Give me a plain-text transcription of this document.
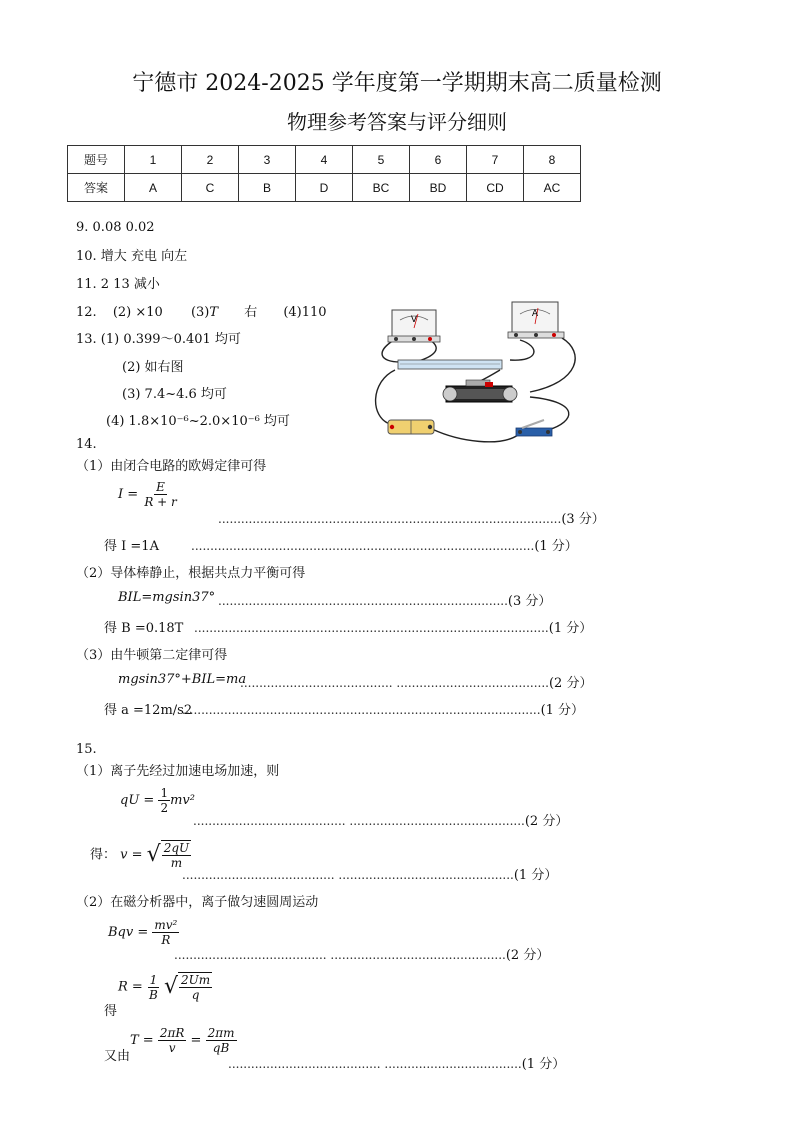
宁德市 2024-2025 学年度第一学期期末高二质量检测
物理参考答案与评分细则
题号	1	2	3	4	5	6	7	8
答案	A	C	B	D	BC	BD	CD	AC
9. 0.08 0.02
10. 增大 充电 向左
11. 2 13 减小
12. (2) ×10 (3)T 右 (4)110
13. (1) 0.399～0.401 均可
(2) 如右图
(3) 7.4~4.6 均可
(4) 1.8×10⁻⁶~2.0×10⁻⁶ 均可
V
A
14.
（1）由闭合电路的欧姆定律可得
$I = \frac{E}{R + r}$
..........................................................................................(3 分）
得 I =1A	..........................................................................................(1 分）
（2）导体棒静止，根据共点力平衡可得
BIL=mgsin37° ............................................................................(3 分）
得 B =0.18T .............................................................................................(1 分）
（3）由牛顿第二定律可得
mgsin37°+BIL=ma
........................................ ........................................(2 分）
得 a =12m/s2
..............................................................................................(1 分）
15.
（1）离子先经过加速电场加速，则
qU = $\frac{1}{2} mv^2$
........................................ ..............................................(2 分）
得： v = √ $\frac{2qU}{m}$
........................................ ..............................................(1 分）
（2）在磁分析器中，离子做匀速圆周运动
Bqv = $\frac{\text{mv²}}{R}$
........................................ ..............................................(2 分）
$R = \frac{1}{B}$
√ $\frac{2Um}{q}$
得
$T = \frac{2\pi R}{v} = \frac{2\pi m}{qB}$
又由	........................................ ....................................(1 分）
